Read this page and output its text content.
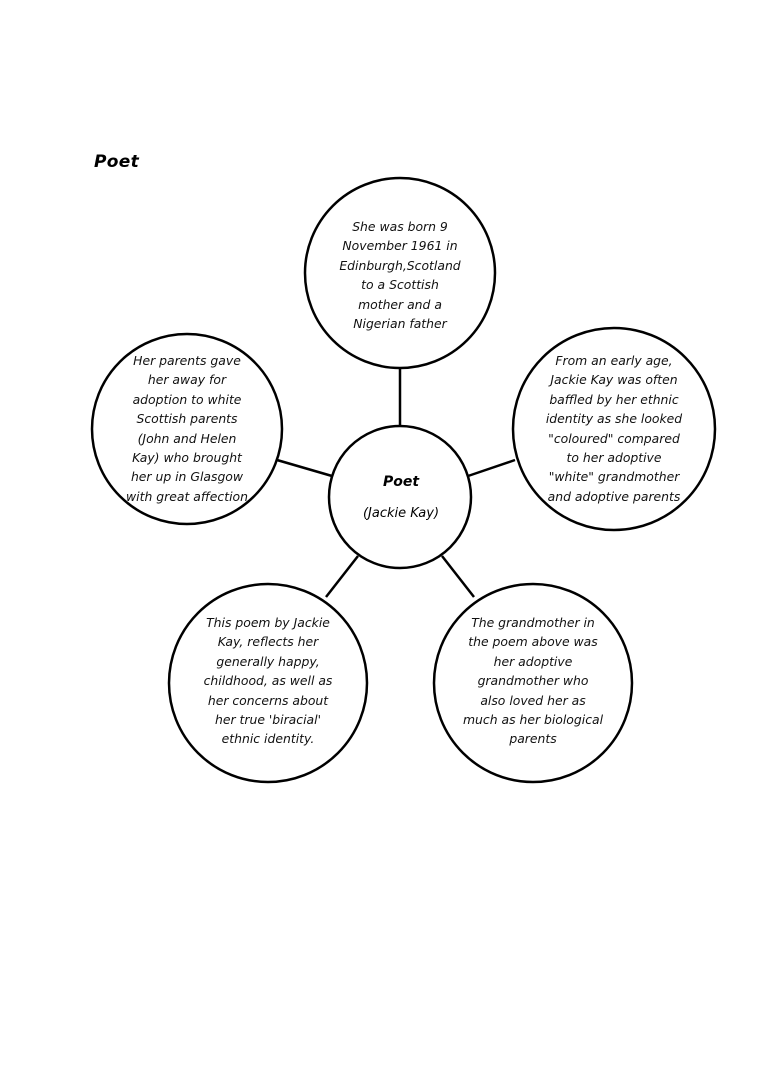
Poet
She was born 9
November 1961 in
Edinburgh,Scotland
to a Scottish
mother and a
Nigerian father
Her parents gave
her away for
adoption to white
Scottish parents
(John and Helen
Kay) who brought
her up in Glasgow
with great affection
From an early age,
Jackie Kay was often
baffled by her ethnic
identity as she looked
"coloured" compared
to her adoptive
"white" grandmother
and adoptive parents
Poet
(Jackie Kay)
This poem by Jackie
Kay, reflects her
generally happy,
childhood, as well as
her concerns about
her true 'biracial'
ethnic identity.
The grandmother in
the poem above was
her adoptive
grandmother who
also loved her as
much as her biological
parents
